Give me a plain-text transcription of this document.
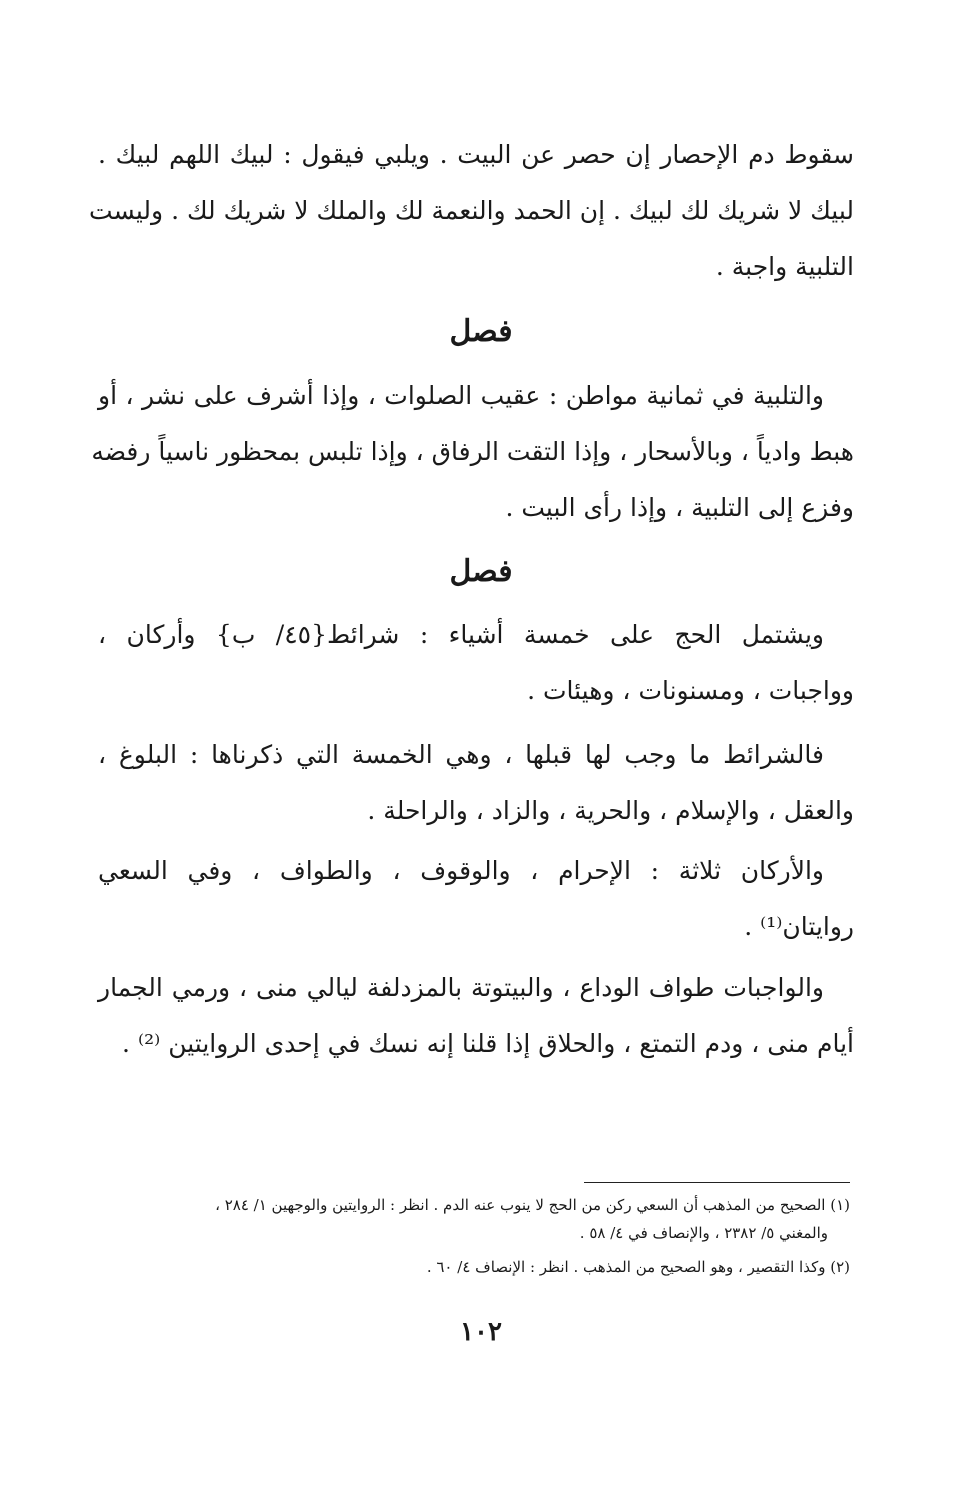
سقوط دم الإحصار إن حصر عن البيت . ويلبي فيقول : لبيك اللهم لبيك .
لبيك لا شريك لك لبيك . إن الحمد والنعمة لك والملك لا شريك لك . وليست
التلبية واجبة .
فصل
والتلبية في ثمانية مواطن : عقيب الصلوات ، وإذا أشرف على نشر ، أو
هبط وادياً ، وبالأسحار ، وإذا التقت الرفاق ، وإذا تلبس بمحظور ناسياً رفضه
وفزع إلى التلبية ، وإذا رأى البيت .
فصل
ويشتمل الحج على خمسة أشياء : شرائط{٤٥/ ب} وأركان ،
وواجبات ، ومسنونات ، وهيئات .
فالشرائط ما وجب لها قبلها ، وهي الخمسة التي ذكرناها : البلوغ ،
والعقل ، والإسلام ، والحرية ، والزاد ، والراحلة .
والأركان ثلاثة : الإحرام ، والوقوف ، والطواف ، وفي السعي
روايتان⁽¹⁾ .
والواجبات طواف الوداع ، والبيتوتة بالمزدلفة ليالي منى ، ورمي الجمار
أيام منى ، ودم التمتع ، والحلاق إذا قلنا إنه نسك في إحدى الروايتين ⁽²⁾ .
(١) الصحيح من المذهب أن السعي ركن من الحج لا ينوب عنه الدم . انظر : الروايتين والوجهين ١/ ٢٨٤ ،
والمغني ٥/ ٢٣٨٢ ، والإنصاف في ٤/ ٥٨ .
(٢) وكذا التقصير ، وهو الصحيح من المذهب . انظر : الإنصاف ٤/ ٦٠ .
١٠٢
